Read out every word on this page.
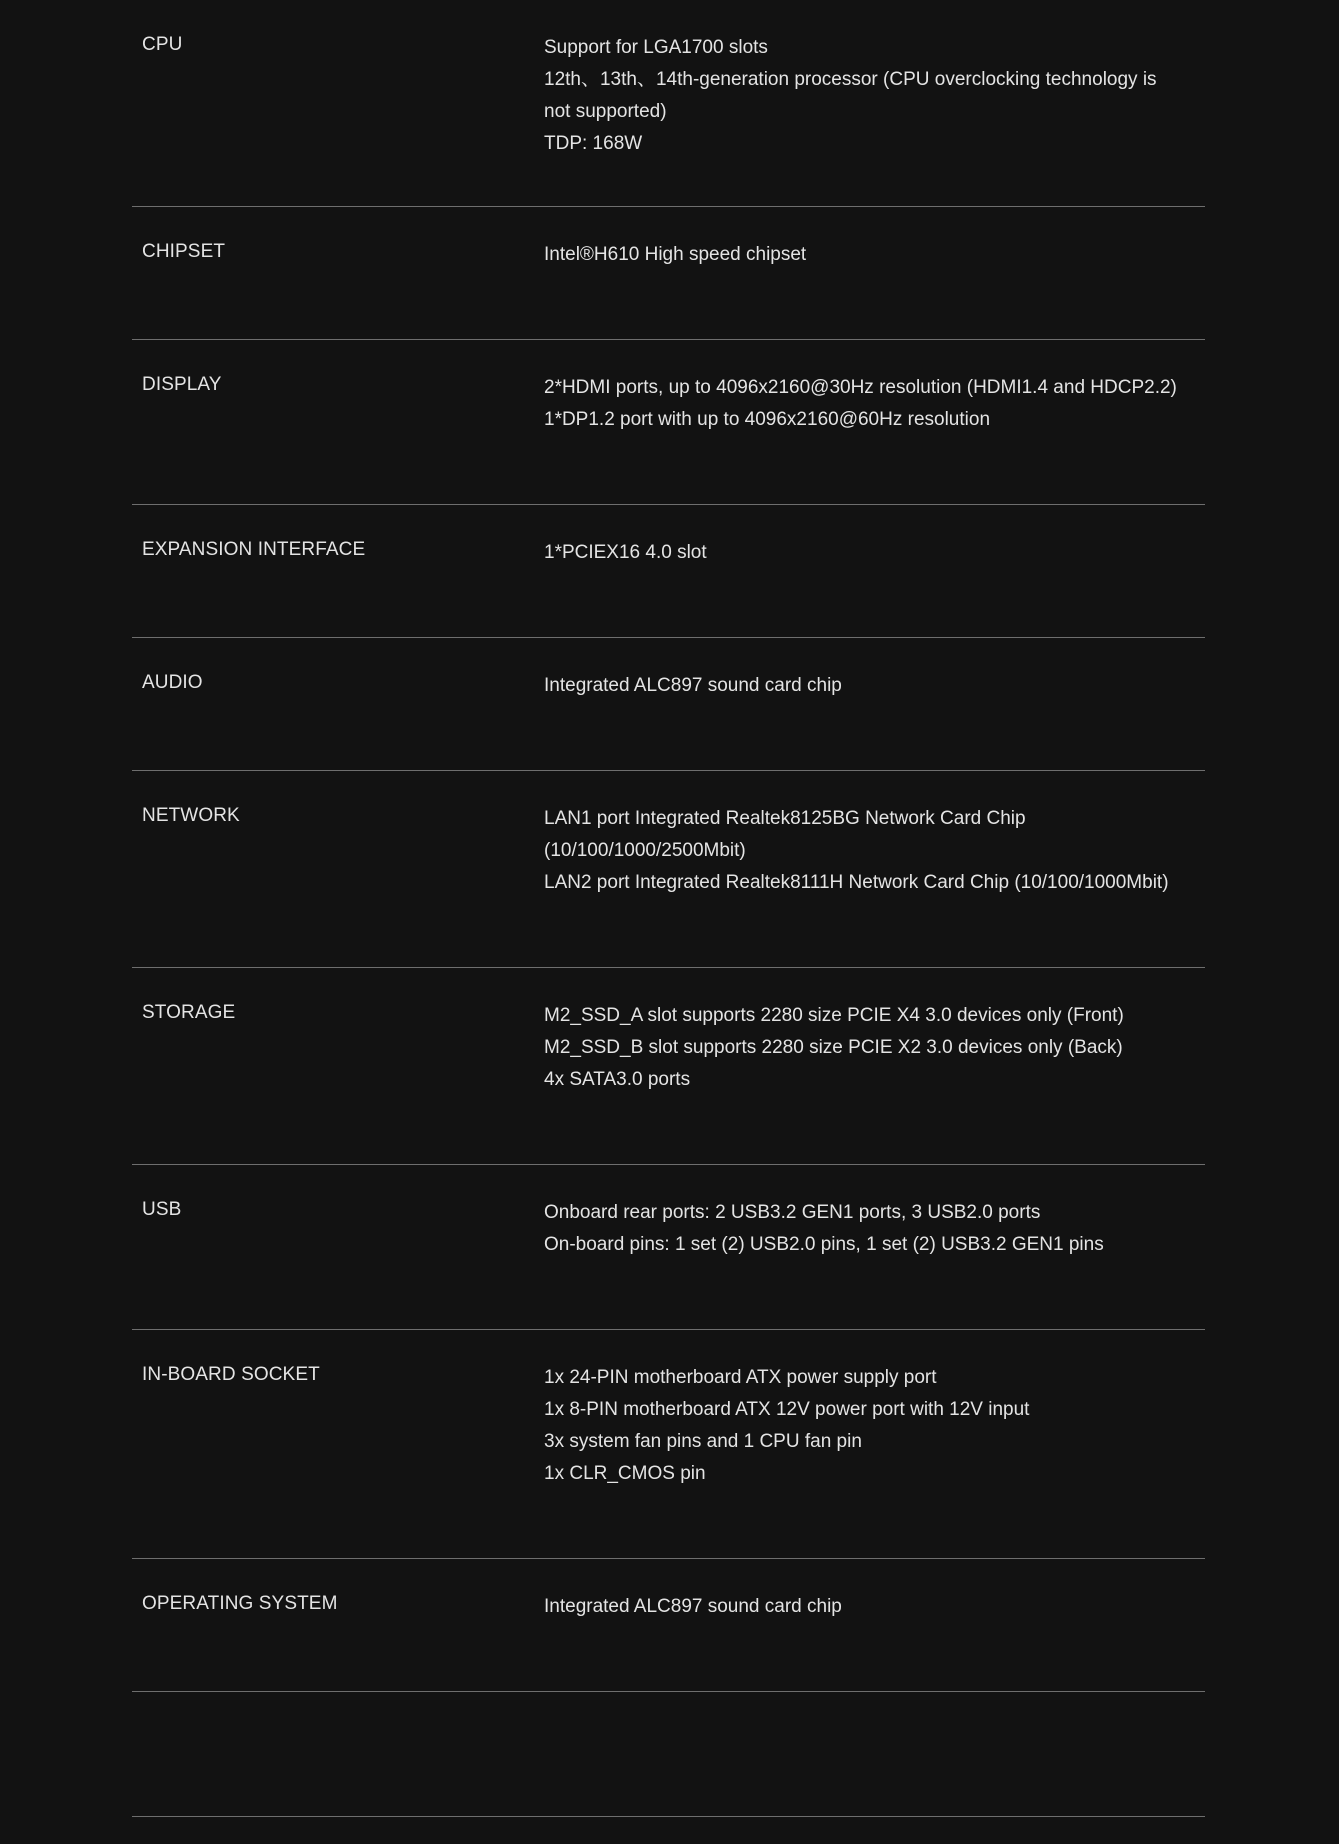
CPU	Support for LGA1700 slots
12th、13th、14th-generation processor (CPU overclocking technology is not supported)
TDP: 168W
CHIPSET	Intel®H610 High speed chipset
DISPLAY	2*HDMI ports, up to 4096x2160@30Hz resolution (HDMI1.4 and HDCP2.2)
1*DP1.2 port with up to 4096x2160@60Hz resolution
EXPANSION INTERFACE	1*PCIEX16 4.0 slot
AUDIO	Integrated ALC897 sound card chip
NETWORK	LAN1 port Integrated Realtek8125BG Network Card Chip (10/100/1000/2500Mbit)
LAN2 port Integrated Realtek8111H Network Card Chip (10/100/1000Mbit)
STORAGE	M2_SSD_A slot supports 2280 size PCIE X4 3.0 devices only (Front)
M2_SSD_B slot supports 2280 size PCIE X2 3.0 devices only (Back)
4x SATA3.0 ports
USB	Onboard rear ports: 2 USB3.2 GEN1 ports, 3 USB2.0 ports
On-board pins: 1 set (2) USB2.0 pins, 1 set (2) USB3.2 GEN1 pins
IN-BOARD SOCKET	1x 24-PIN motherboard ATX power supply port
1x 8-PIN motherboard ATX 12V power port with 12V input
3x system fan pins and 1 CPU fan pin
1x CLR_CMOS pin
OPERATING SYSTEM	Integrated ALC897 sound card chip
